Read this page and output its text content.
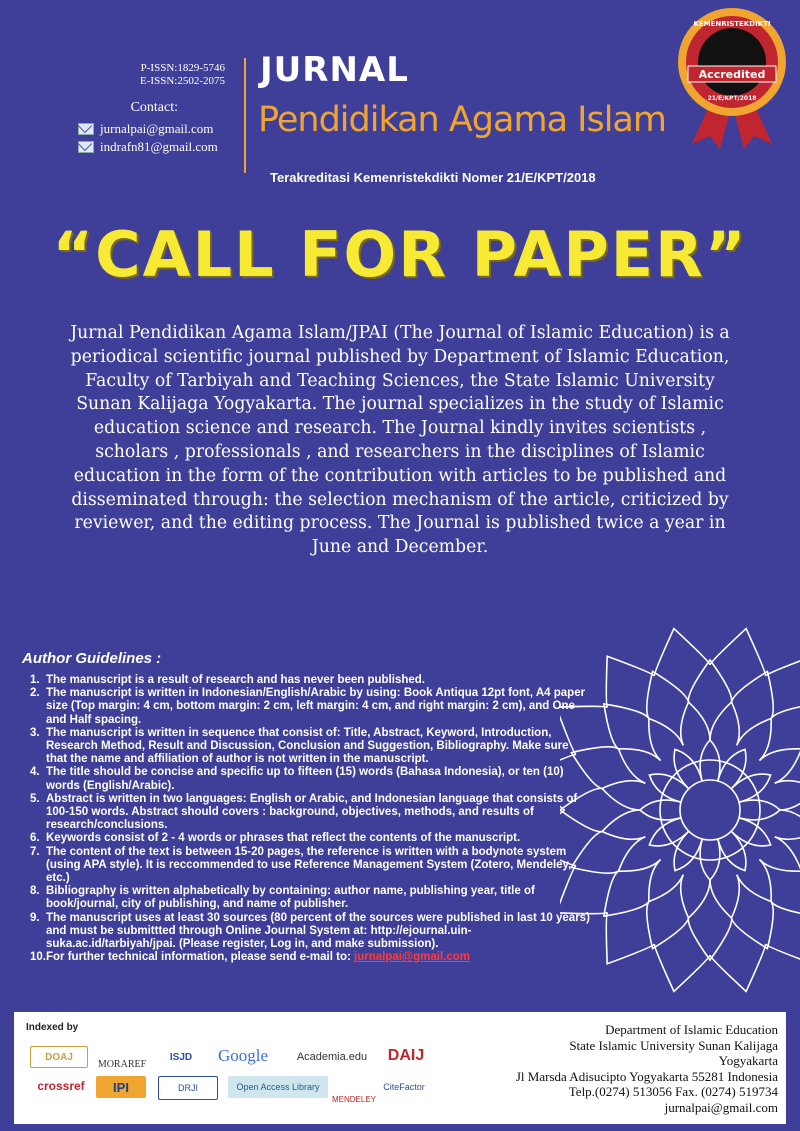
P-ISSN:1829-5746
E-ISSN:2502-2075
Contact:
jurnalpai@gmail.com
indrafn81@gmail.com
JURNAL
Pendidikan Agama Islam
Terakreditasi Kemenristekdikti Nomer 21/E/KPT/2018
KEMENRISTEKDIKTI
Accredited
21/E/KPT/2018
“CALL FOR PAPER”
Jurnal Pendidikan Agama Islam/JPAI (The Journal of Islamic Education) is a periodical scientific journal published by Department of Islamic Education, Faculty of Tarbiyah and Teaching Sciences, the State Islamic University Sunan Kalijaga Yogyakarta. The journal specializes in the study of Islamic education science and research. The Journal kindly invites scientists , scholars , professionals , and researchers in the disciplines of Islamic education in the form of the contribution with articles to be published and disseminated through: the selection mechanism of the article, criticized by reviewer, and the editing process. The Journal is published twice a year in June and December.
Author Guidelines :
1. The manuscript is a result of research and has never been published.
2. The manuscript is written in Indonesian/English/Arabic by using: Book Antiqua 12pt font, A4 paper size (Top margin: 4 cm, bottom margin: 2 cm, left margin: 4 cm, and right margin: 2 cm), and One and Half spacing.
3. The manuscript is written in sequence that consist of: Title, Abstract, Keyword, Introduction, Research Method, Result and Discussion, Conclusion and Suggestion, Bibliography. Make sure that the name and affiliation of author is not written in the manuscript.
4. The title should be concise and specific up to fifteen (15) words (Bahasa Indonesia), or ten (10) words (English/Arabic).
5. Abstract is written in two languages: English or Arabic, and Indonesian language that consists of 100-150 words. Abstract should covers : background, objectives, methods, and results of research/conclusions.
6. Keywords consist of 2 - 4 words or phrases that reflect the contents of the manuscript.
7. The content of the text is between 15-20 pages, the reference is written with a bodynote system (using APA style). It is reccommended to use Reference Management System (Zotero, Mendeley, etc.)
8. Bibliography is written alphabetically by containing: author name, publishing year, title of book/journal, city of publishing, and name of publisher.
9. The manuscript uses at least 30 sources (80 percent of the sources were published in last 10 years) and must be submittted through Online Journal System at: http://ejournal.uin-suka.ac.id/tarbiyah/jpai. (Please register, Log in, and make submission).
10. For further technical information, please send e-mail to: jurnalpai@gmail.com
Indexed by
DOAJ
MORAREF
ISJD	Google	Academia.edu	DAIJ
crossref	IPI	DRJI	Open Access Library
MENDELEY
CiteFactor
Department of Islamic Education
State Islamic University Sunan Kalijaga
Yogyakarta
Jl Marsda Adisucipto Yogyakarta 55281 Indonesia
Telp.(0274) 513056 Fax. (0274) 519734
jurnalpai@gmail.com
